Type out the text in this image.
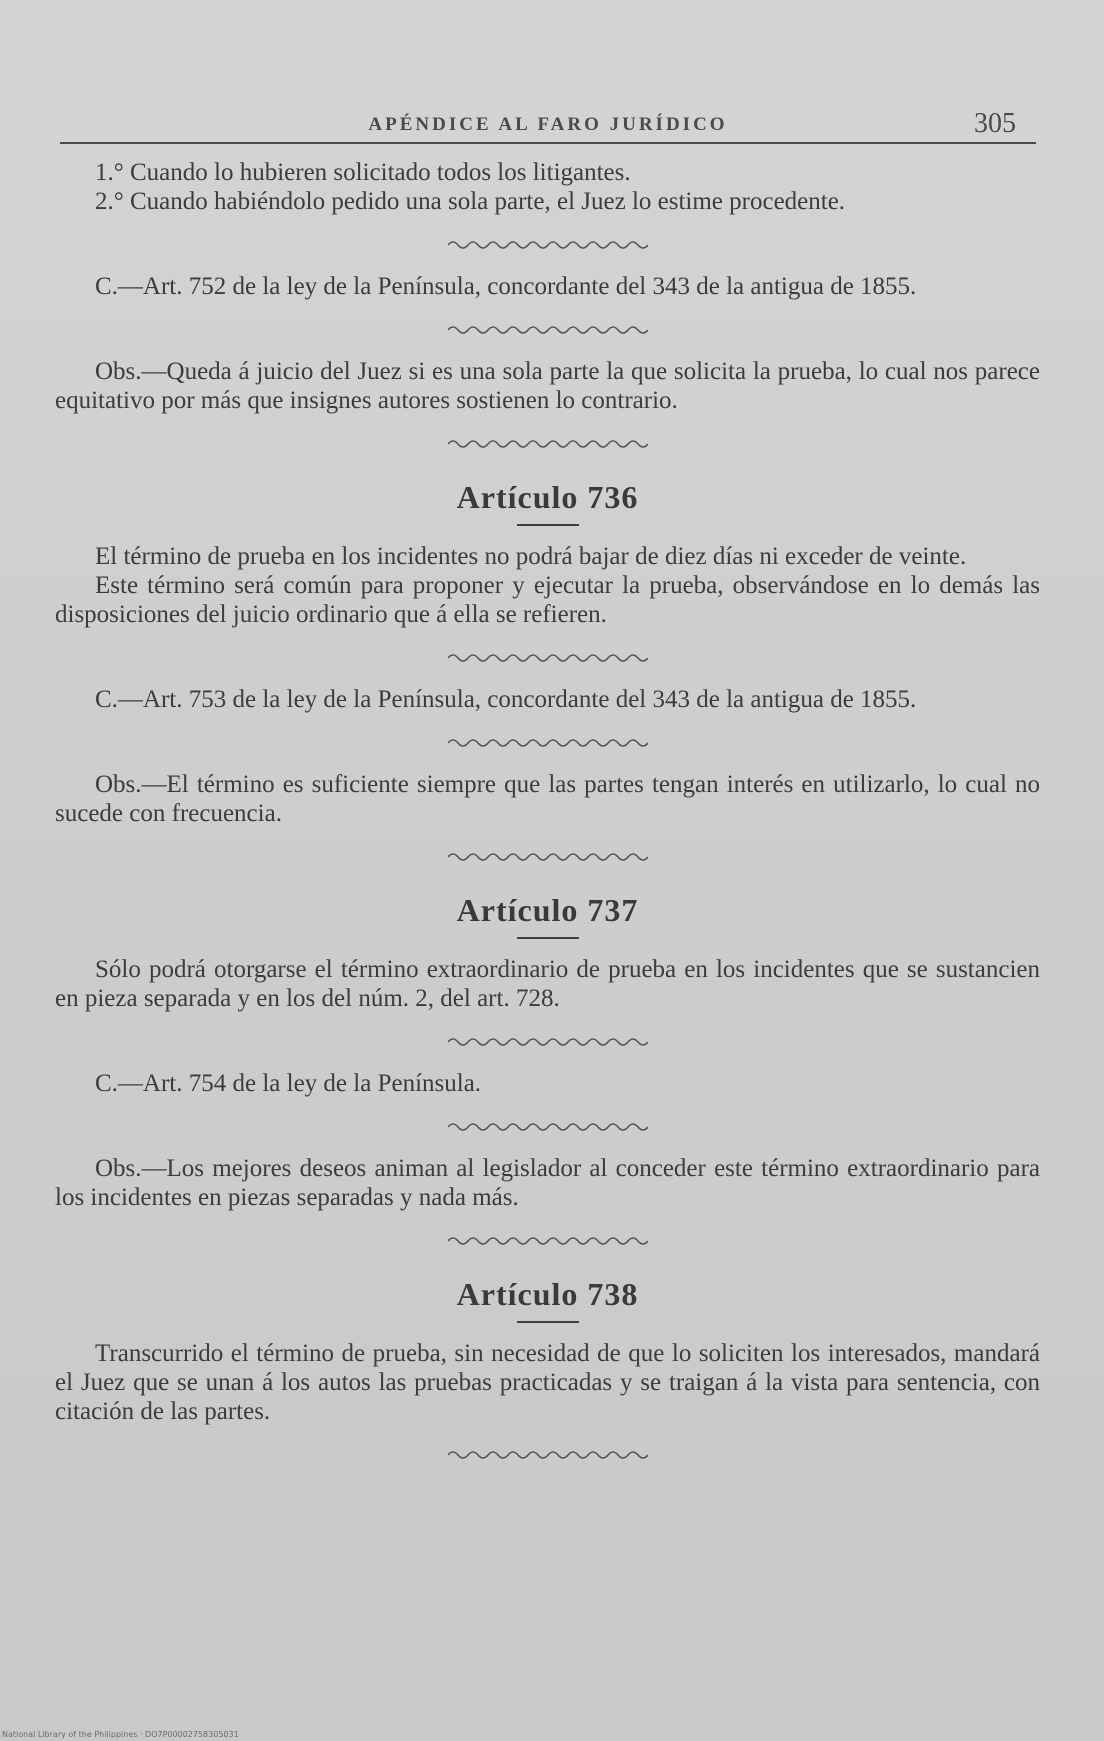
APÉNDICE AL FARO JURÍDICO	305

1.° Cuando lo hubieren solicitado todos los litigantes.

2.° Cuando habiéndolo pedido una sola parte, el Juez lo estime procedente.

C.—Art. 752 de la ley de la Península, concordante del 343 de la antigua de 1855.

Obs.—Queda á juicio del Juez si es una sola parte la que solicita la prueba, lo cual nos parece equitativo por más que insignes autores sostienen lo contrario.

Artículo 736

El término de prueba en los incidentes no podrá bajar de diez días ni exceder de veinte.

Este término será común para proponer y ejecutar la prueba, observándose en lo demás las disposiciones del juicio ordinario que á ella se refieren.

C.—Art. 753 de la ley de la Península, concordante del 343 de la antigua de 1855.

Obs.—El término es suficiente siempre que las partes tengan interés en utilizarlo, lo cual no sucede con frecuencia.

Artículo 737

Sólo podrá otorgarse el término extraordinario de prueba en los incidentes que se sustancien en pieza separada y en los del núm. 2, del art. 728.

C.—Art. 754 de la ley de la Península.

Obs.—Los mejores deseos animan al legislador al conceder este término extraordinario para los incidentes en piezas separadas y nada más.

Artículo 738

Transcurrido el término de prueba, sin necesidad de que lo soliciten los interesados, mandará el Juez que se unan á los autos las pruebas practicadas y se traigan á la vista para sentencia, con citación de las partes.

National Library of the Philippines · DO7P00002758305031
